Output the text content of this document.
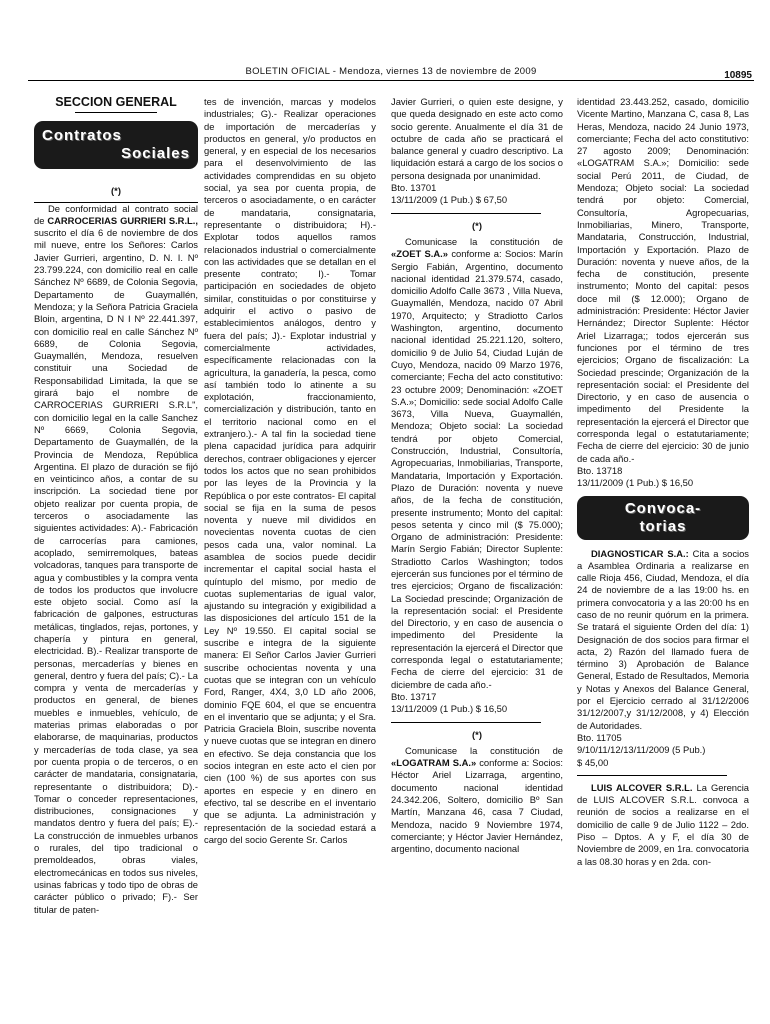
BOLETIN OFICIAL - Mendoza, viernes 13 de noviembre de 2009	10895
SECCION GENERAL
Contratos
Sociales
(*)

De conformidad al contrato social de CARROCERIAS GURRIERI S.R.L., suscrito el día 6 de noviembre de dos mil nueve, entre los Señores: Carlos Javier Gurrieri, argentino, D. N. I. Nº 23.799.224, con domicilio real en calle Sánchez Nº 6689, de Colonia Segovia, Departamento de Guaymallén, Mendoza; y la Señora Patricia Graciela Bloin, argentina, D N I Nº 22.441.397, con domicilio real en calle Sánchez Nº 6689, de Colonia Segovia, Guaymallén, Mendoza, resuelven constituir una Sociedad de Responsabilidad Limitada, la que se girará bajo el nombre de CARROCERIAS GURRIERI S.R.L", con domicilio legal en la calle Sanchez Nº 6669, Colonia Segovia, Departamento de Guaymallén, de la Provincia de Mendoza, República Argentina. El plazo de duración se fijó en veinticinco años, a contar de su inscripción. La sociedad tiene por objeto realizar por cuenta propia, de terceros o asociadamente las siguientes actividades: A).- Fabricación de carrocerías para camiones, acoplado, semirremolques, bateas volcadoras, tanques para transporte de agua y combustibles y la compra venta de todos los productos que involucre este objeto social. Como así la fabricación de galpones, estructuras metálicas, tinglados, rejas, portones, y chapería y pintura en general, electricidad. B).- Realizar transporte de personas, mercaderías y bienes en general, dentro y fuera del país; C).- La compra y venta de mercaderías y productos en general, de bienes muebles e inmuebles, vehículo, de materias primas elaboradas o por elaborarse, de maquinarias, productos y mercaderías de toda clase, ya sea por cuenta propia o de terceros, o en carácter de mandataria, consignataria, representante o distribuidora; D).- Tomar o conceder representaciones, distribuciones, consignaciones y mandatos dentro y fuera del país; E).- La construcción de inmuebles urbanos o rurales, del tipo tradicional o premoldeados, obras viales, electromecánicas en todos sus niveles, usinas fabricas y todo tipo de obras de carácter público o privado; F).- Ser titular de paten-

tes de invención, marcas y modelos industriales; G).- Realizar operaciones de importación de mercaderías y productos en general, y/o productos en general, y en especial de los necesarios para el desenvolvimiento de las actividades comprendidas en su objeto social, ya sea por cuenta propia, de terceros o asociadamente, o en carácter de mandataria, consignataria, representante o distribuidora; H).- Explotar todos aquellos ramos relacionados industrial o comercialmente con las actividades que se detallan en el presente contrato; I).- Tomar participación en sociedades de objeto similar, constituidas o por constituirse y adquirir el activo o pasivo de establecimientos análogos, dentro y fuera del país; J).- Explotar industrial y comercialmente actividades, específicamente relacionadas con la agricultura, la ganadería, la pesca, como así también todo lo atinente a su explotación, fraccionamiento, comercialización y distribución, tanto en el territorio nacional como en el extranjero.).- A tal fin la sociedad tiene plena capacidad jurídica para adquirir derechos, contraer obligaciones y ejercer todos los actos que no sean prohibidos por las leyes de la Provincia y la República o por este contratos- El capital social se fija en la suma de pesos noventa y nueve mil divididos en novecientas noventa cuotas de cien pesos cada una, valor nominal. La asamblea de socios puede decidir incrementar el capital social hasta el quíntuplo del mismo, por medio de cuotas suplementarias de igual valor, ajustando su integración y exigibilidad a las disposiciones del artículo 151 de la Ley Nº 19.550. El capital social se suscribe e integra de la siguiente manera: El Señor Carlos Javier Gurrieri suscribe ochocientas noventa y una cuotas que se integran con un vehículo Ford, Ranger, 4X4, 3,0 LD año 2006, dominio FQE 604, el que se encuentra en el inventario que se adjunta; y el Sra. Patricia Graciela Bloin, suscribe noventa y nueve cuotas que se integran en dinero en efectivo. Se deja constancia que los socios integran en este acto el cien por cien (100 %) de sus aportes con sus aportes en especie y en dinero en efectivo, tal se describe en el inventario que se adjunta. La administración y representación de la sociedad estará a cargo del socio Gerente Sr. Carlos

Javier Gurrieri, o quien este designe, y que queda designado en este acto como socio gerente. Anualmente el día 31 de octubre de cada año se practicará el balance general y cuadro descriptivo. La liquidación estará a cargo de los socios o persona designada por unanimidad.

Bto. 13701

13/11/2009 (1 Pub.) $ 67,50

(*)

Comunicase la constitución de «ZOET S.A.» conforme a: Socios: Marín Sergio Fabián, Argentino, documento nacional identidad 21.379.574, casado, domicilio Adolfo Calle 3673 , Villa Nueva, Guaymallén, Mendoza, nacido 07 Abril 1970, Arquitecto; y Stradiotto Carlos Washington, argentino, documento nacional identidad 25.221.120, soltero, domicilio 9 de Julio 54, Ciudad Luján de Cuyo, Mendoza, nacido 09 Marzo 1976, comerciante; Fecha del acto constitutivo: 23 octubre 2009; Denominación: «ZOET S.A.»; Domicilio: sede social Adolfo Calle 3673, Villa Nueva, Guaymallén, Mendoza; Objeto social: La sociedad tendrá por objeto Comercial, Construcción, Industrial, Consultoría, Agropecuarias, Inmobiliarias, Transporte, Mandataria, Importación y Exportación. Plazo de Duración: noventa y nueve años, de la fecha de constitución, presente instrumento; Monto del capital: pesos setenta y cinco mil ($ 75.000); Organo de administración: Presidente: Marín Sergio Fabián; Director Suplente: Stradiotto Carlos Washington; todos ejercerán sus funciones por el término de tres ejercicios; Organo de fiscalización: La Sociedad prescinde; Organización de la representación social: el Presidente del Directorio, y en caso de ausencia o impedimento del Presidente la representación la ejercerá el Director que corresponda legal o estatutariamente; Fecha de cierre del ejercicio: 31 de diciembre de cada año.-

Bto. 13717

13/11/2009 (1 Pub.) $ 16,50

(*)

Comunicase la constitución de «LOGATRAM S.A.» conforme a: Socios: Héctor Ariel Lizarraga, argentino, documento nacional identidad 24.342.206, Soltero, domicilio Bº San Martín, Manzana 46, casa 7 Ciudad, Mendoza, nacido 9 Noviembre 1974, comerciante; y Héctor Javier Hernández, argentino, documento nacional

identidad 23.443.252, casado, domicilio Vicente Martino, Manzana C, casa 8, Las Heras, Mendoza, nacido 24 Junio 1973, comerciante; Fecha del acto constitutivo: 27 agosto 2009; Denominación: «LOGATRAM S.A.»; Domicilio: sede social Perú 2011, de Ciudad, de Mendoza; Objeto social: La sociedad tendrá por objeto: Comercial, Consultoría, Agropecuarias, Inmobiliarias, Minero, Transporte, Mandataria, Construcción, Industrial, Importación y Exportación. Plazo de Duración: noventa y nueve años, de la fecha de constitución, presente instrumento; Monto del capital: pesos doce mil ($ 12.000); Organo de administración: Presidente: Héctor Javier Hernández; Director Suplente: Héctor Ariel Lizarraga;; todos ejercerán sus funciones por el término de tres ejercicios; Organo de fiscalización: La Sociedad prescinde; Organización de la representación social: el Presidente del Directorio, y en caso de ausencia o impedimento del Presidente la representación la ejercerá el Director que corresponda legal o estatutariamente; Fecha de cierre del ejercicio: 30 de junio de cada año.-

Bto. 13718

13/11/2009 (1 Pub.) $ 16,50

Convoca-
torias

DIAGNOSTICAR S.A.: Cita a socios a Asamblea Ordinaria a realizarse en calle Rioja 456, Ciudad, Mendoza, el día 24 de noviembre de a las 19:00 hs. en primera convocatoria y a las 20:00 hs en caso de no reunir quórum en la primera. Se tratará el siguiente Orden del día: 1) Designación de dos socios para firmar el acta, 2) Razón del llamado fuera de término 3) Aprobación de Balance General, Estado de Resultados, Memoria y Notas y Anexos del Balance General, por el Ejercicio cerrado al 31/12/2006 31/12/2007,y 31/12/2008, y 4) Elección de Autoridades.

Bto. 11705

9/10/11/12/13/11/2009 (5 Pub.)

$ 45,00

LUIS ALCOVER S.R.L. La Gerencia de LUIS ALCOVER S.R.L. convoca a reunión de socios a realizarse en el domicilio de calle 9 de Julio 1122 – 2do. Piso – Dptos. A y F, el día 30 de Noviembre de 2009, en 1ra. convocatoria a las 08.30 horas y en 2da. con-
